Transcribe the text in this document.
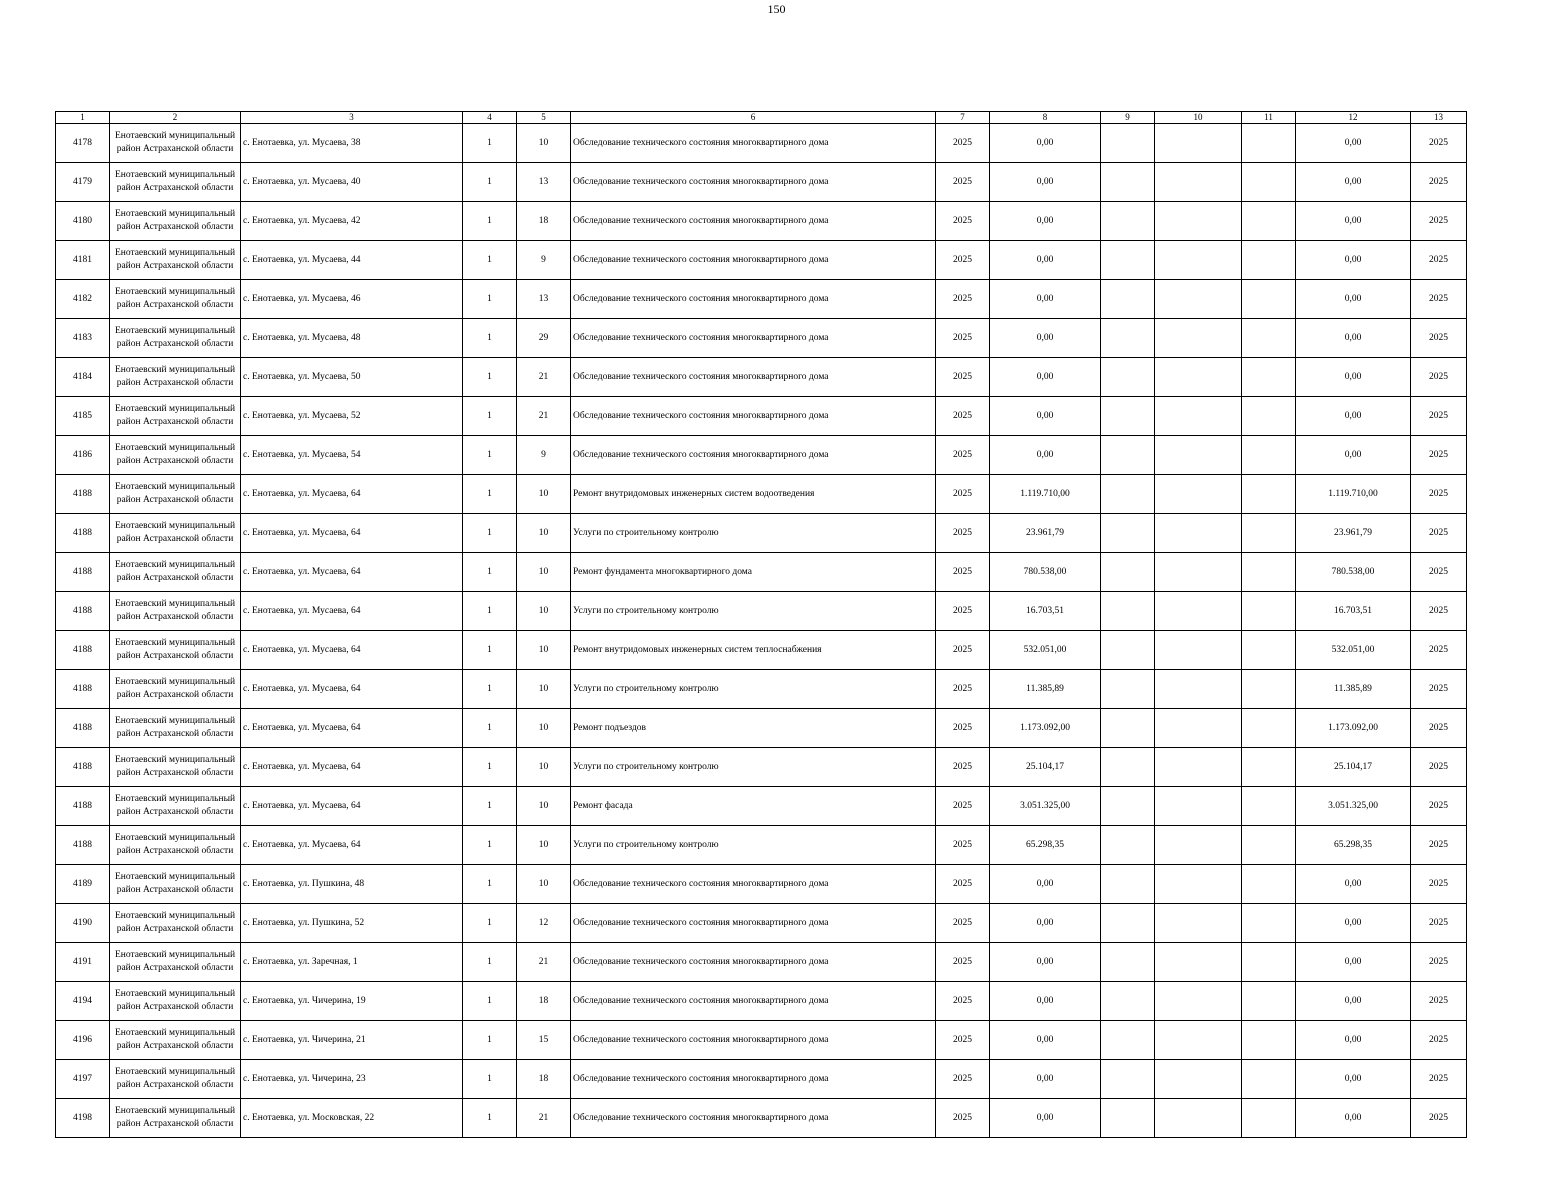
150
1	2	3	4	5	6	7	8	9	10	11	12	13
4178	Енотаевский муниципальный район Астраханской области	с. Енотаевка, ул. Мусаева, 38	1	10	Обследование технического состояния многоквартирного дома	2025	0,00				0,00	2025
4179	Енотаевский муниципальный район Астраханской области	с. Енотаевка, ул. Мусаева, 40	1	13	Обследование технического состояния многоквартирного дома	2025	0,00				0,00	2025
4180	Енотаевский муниципальный район Астраханской области	с. Енотаевка, ул. Мусаева, 42	1	18	Обследование технического состояния многоквартирного дома	2025	0,00				0,00	2025
4181	Енотаевский муниципальный район Астраханской области	с. Енотаевка, ул. Мусаева, 44	1	9	Обследование технического состояния многоквартирного дома	2025	0,00				0,00	2025
4182	Енотаевский муниципальный район Астраханской области	с. Енотаевка, ул. Мусаева, 46	1	13	Обследование технического состояния многоквартирного дома	2025	0,00				0,00	2025
4183	Енотаевский муниципальный район Астраханской области	с. Енотаевка, ул. Мусаева, 48	1	29	Обследование технического состояния многоквартирного дома	2025	0,00				0,00	2025
4184	Енотаевский муниципальный район Астраханской области	с. Енотаевка, ул. Мусаева, 50	1	21	Обследование технического состояния многоквартирного дома	2025	0,00				0,00	2025
4185	Енотаевский муниципальный район Астраханской области	с. Енотаевка, ул. Мусаева, 52	1	21	Обследование технического состояния многоквартирного дома	2025	0,00				0,00	2025
4186	Енотаевский муниципальный район Астраханской области	с. Енотаевка, ул. Мусаева, 54	1	9	Обследование технического состояния многоквартирного дома	2025	0,00				0,00	2025
4188	Енотаевский муниципальный район Астраханской области	с. Енотаевка, ул. Мусаева, 64	1	10	Ремонт внутридомовых инженерных систем водоотведения	2025	1.119.710,00				1.119.710,00	2025
4188	Енотаевский муниципальный район Астраханской области	с. Енотаевка, ул. Мусаева, 64	1	10	Услуги по строительному контролю	2025	23.961,79				23.961,79	2025
4188	Енотаевский муниципальный район Астраханской области	с. Енотаевка, ул. Мусаева, 64	1	10	Ремонт фундамента многоквартирного дома	2025	780.538,00				780.538,00	2025
4188	Енотаевский муниципальный район Астраханской области	с. Енотаевка, ул. Мусаева, 64	1	10	Услуги по строительному контролю	2025	16.703,51				16.703,51	2025
4188	Енотаевский муниципальный район Астраханской области	с. Енотаевка, ул. Мусаева, 64	1	10	Ремонт внутридомовых инженерных систем теплоснабжения	2025	532.051,00				532.051,00	2025
4188	Енотаевский муниципальный район Астраханской области	с. Енотаевка, ул. Мусаева, 64	1	10	Услуги по строительному контролю	2025	11.385,89				11.385,89	2025
4188	Енотаевский муниципальный район Астраханской области	с. Енотаевка, ул. Мусаева, 64	1	10	Ремонт подъездов	2025	1.173.092,00				1.173.092,00	2025
4188	Енотаевский муниципальный район Астраханской области	с. Енотаевка, ул. Мусаева, 64	1	10	Услуги по строительному контролю	2025	25.104,17				25.104,17	2025
4188	Енотаевский муниципальный район Астраханской области	с. Енотаевка, ул. Мусаева, 64	1	10	Ремонт фасада	2025	3.051.325,00				3.051.325,00	2025
4188	Енотаевский муниципальный район Астраханской области	с. Енотаевка, ул. Мусаева, 64	1	10	Услуги по строительному контролю	2025	65.298,35				65.298,35	2025
4189	Енотаевский муниципальный район Астраханской области	с. Енотаевка, ул. Пушкина, 48	1	10	Обследование технического состояния многоквартирного дома	2025	0,00				0,00	2025
4190	Енотаевский муниципальный район Астраханской области	с. Енотаевка, ул. Пушкина, 52	1	12	Обследование технического состояния многоквартирного дома	2025	0,00				0,00	2025
4191	Енотаевский муниципальный район Астраханской области	с. Енотаевка, ул. Заречная, 1	1	21	Обследование технического состояния многоквартирного дома	2025	0,00				0,00	2025
4194	Енотаевский муниципальный район Астраханской области	с. Енотаевка, ул. Чичерина, 19	1	18	Обследование технического состояния многоквартирного дома	2025	0,00				0,00	2025
4196	Енотаевский муниципальный район Астраханской области	с. Енотаевка, ул. Чичерина, 21	1	15	Обследование технического состояния многоквартирного дома	2025	0,00				0,00	2025
4197	Енотаевский муниципальный район Астраханской области	с. Енотаевка, ул. Чичерина, 23	1	18	Обследование технического состояния многоквартирного дома	2025	0,00				0,00	2025
4198	Енотаевский муниципальный район Астраханской области	с. Енотаевка, ул. Московская, 22	1	21	Обследование технического состояния многоквартирного дома	2025	0,00				0,00	2025
